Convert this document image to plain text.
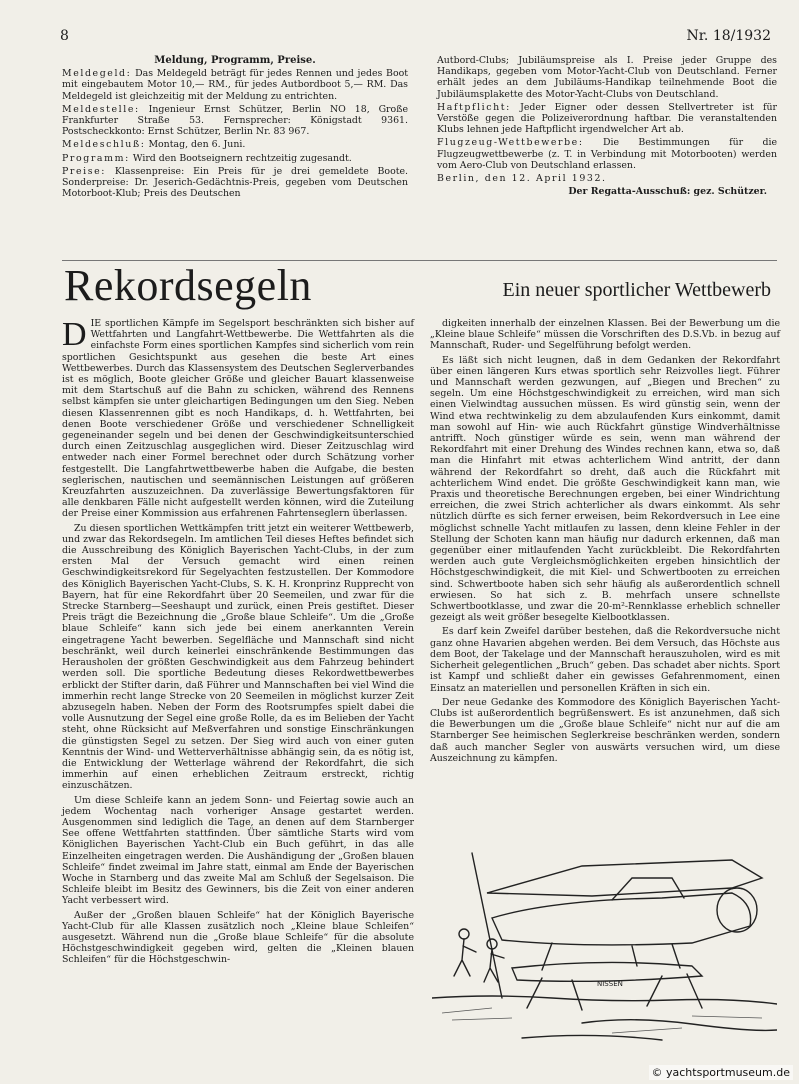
8	Nr. 18/1932
Meldung, Programm, Preise.

Meldegeld: Das Meldegeld beträgt für jedes Rennen und jedes Boot mit eingebautem Motor 10,— RM., für jedes Autbordboot 5,— RM. Das Meldegeld ist gleichzeitig mit der Meldung zu entrichten.

Meldestelle: Ingenieur Ernst Schützer, Berlin NO 18, Große Frankfurter Straße 53. Fernsprecher: Königstadt 9361. Postscheckkonto: Ernst Schützer, Berlin Nr. 83 967.

Meldeschluß: Montag, den 6. Juni.

Programm: Wird den Bootseignern rechtzeitig zugesandt.

Preise: Klassenpreise: Ein Preis für je drei gemeldete Boote. Sonderpreise: Dr. Jeserich-Gedächtnis-Preis, gegeben vom Deutschen Motorboot-Klub; Preis des Deutschen

Autbord-Clubs; Jubiläumspreise als I. Preise jeder Gruppe des Handikaps, gegeben vom Motor-Yacht-Club von Deutschland. Ferner erhält jedes an dem Jubiläums-Handikap teilnehmende Boot die Jubiläumsplakette des Motor-Yacht-Clubs von Deutschland.

Haftpflicht: Jeder Eigner oder dessen Stellvertreter ist für Verstöße gegen die Polizeiverordnung haftbar. Die veranstaltenden Klubs lehnen jede Haftpflicht irgendwelcher Art ab.

Flugzeug-Wettbewerbe: Die Bestimmungen für die Flugzeugwettbewerbe (z. T. in Verbindung mit Motorbooten) werden vom Aero-Club von Deutschland erlassen.

Berlin, den 12. April 1932.

Der Regatta-Ausschuß: gez. Schützer.
Rekordsegeln	Ein neuer sportlicher Wettbewerb

DIE sportlichen Kämpfe im Segelsport beschränkten sich bisher auf Wettfahrten und Langfahrt-Wettbewerbe. Die Wettfahrten als die einfachste Form eines sportlichen Kampfes sind sicherlich vom rein sportlichen Gesichtspunkt aus gesehen die beste Art eines Wettbewerbes. Durch das Klassensystem des Deutschen Seglerverbandes ist es möglich, Boote gleicher Größe und gleicher Bauart klassenweise mit dem Startschuß auf die Bahn zu schicken, während des Rennens selbst kämpfen sie unter gleichartigen Bedingungen um den Sieg. Neben diesen Klassenrennen gibt es noch Handikaps, d. h. Wettfahrten, bei denen Boote verschiedener Größe und verschiedener Schnelligkeit gegeneinander segeln und bei denen der Geschwindigkeitsunterschied durch einen Zeitzuschlag ausgeglichen wird. Dieser Zeitzuschlag wird entweder nach einer Formel berechnet oder durch Schätzung vorher festgestellt. Die Langfahrtwettbewerbe haben die Aufgabe, die besten seglerischen, nautischen und seemännischen Leistungen auf größeren Kreuzfahrten auszuzeichnen. Da zuverlässige Bewertungsfaktoren für alle denkbaren Fälle nicht aufgestellt werden können, wird die Zuteilung der Preise einer Kommission aus erfahrenen Fahrtenseglern überlassen.

Zu diesen sportlichen Wettkämpfen tritt jetzt ein weiterer Wettbewerb, und zwar das Rekordsegeln. Im amtlichen Teil dieses Heftes befindet sich die Ausschreibung des Königlich Bayerischen Yacht-Clubs, in der zum ersten Mal der Versuch gemacht wird einen reinen Geschwindigkeitsrekord für Segelyachten festzustellen. Der Kommodore des Königlich Bayerischen Yacht-Clubs, S. K. H. Kronprinz Rupprecht von Bayern, hat für eine Rekordfahrt über 20 Seemeilen, und zwar für die Strecke Starnberg—Seeshaupt und zurück, einen Preis gestiftet. Dieser Preis trägt die Bezeichnung die „Große blaue Schleife“. Um die „Große blaue Schleife“ kann sich jede bei einem anerkannten Verein eingetragene Yacht bewerben. Segelfläche und Mannschaft sind nicht beschränkt, weil durch keinerlei einschränkende Bestimmungen das Herausholen der größten Geschwindigkeit aus dem Fahrzeug behindert werden soll. Die sportliche Bedeutung dieses Rekordwettbewerbes erblickt der Stifter darin, daß Führer und Mannschaften bei viel Wind die immerhin recht lange Strecke von 20 Seemeilen in möglichst kurzer Zeit abzusegeln haben. Neben der Form des Rootsrumpfes spielt dabei die volle Ausnutzung der Segel eine große Rolle, da es im Belieben der Yacht steht, ohne Rücksicht auf Meßverfahren und sonstige Einschränkungen die günstigsten Segel zu setzen. Der Sieg wird auch von einer guten Kenntnis der Wind- und Wetterverhältnisse abhängig sein, da es nötig ist, die Entwicklung der Wetterlage während der Rekordfahrt, die sich immerhin auf einen erheblichen Zeitraum erstreckt, richtig einzuschätzen.

Um diese Schleife kann an jedem Sonn- und Feiertag sowie auch an jedem Wochentag nach vorheriger Ansage gestartet werden. Ausgenommen sind lediglich die Tage, an denen auf dem Starnberger See offene Wettfahrten stattfinden. Über sämtliche Starts wird vom Königlichen Bayerischen Yacht-Club ein Buch geführt, in das alle Einzelheiten eingetragen werden. Die Aushändigung der „Großen blauen Schleife“ findet zweimal im Jahre statt, einmal am Ende der Bayerischen Woche in Starnberg und das zweite Mal am Schluß der Segelsaison. Die Schleife bleibt im Besitz des Gewinners, bis die Zeit von einer anderen Yacht verbessert wird.

Außer der „Großen blauen Schleife“ hat der Königlich Bayerische Yacht-Club für alle Klassen zusätzlich noch „Kleine blaue Schleifen“ ausgesetzt. Während nun die „Große blaue Schleife“ für die absolute Höchstgeschwindigkeit gegeben wird, gelten die „Kleinen blauen Schleifen“ für die Höchstgeschwin-

digkeiten innerhalb der einzelnen Klassen. Bei der Bewerbung um die „Kleine blaue Schleife“ müssen die Vorschriften des D.S.Vb. in bezug auf Mannschaft, Ruder- und Segelführung befolgt werden.

Es läßt sich nicht leugnen, daß in dem Gedanken der Rekordfahrt über einen längeren Kurs etwas sportlich sehr Reizvolles liegt. Führer und Mannschaft werden gezwungen, auf „Biegen und Brechen“ zu segeln. Um eine Höchstgeschwindigkeit zu erreichen, wird man sich einen Vielwindtag aussuchen müssen. Es wird günstig sein, wenn der Wind etwa rechtwinkelig zu dem abzulaufenden Kurs einkommt, damit man sowohl auf Hin- wie auch Rückfahrt günstige Windverhältnisse antrifft. Noch günstiger würde es sein, wenn man während der Rekordfahrt mit einer Drehung des Windes rechnen kann, etwa so, daß man die Hinfahrt mit etwas achterlichem Wind antritt, der dann während der Rekordfahrt so dreht, daß auch die Rückfahrt mit achterlichem Wind endet. Die größte Geschwindigkeit kann man, wie Praxis und theoretische Berechnungen ergeben, bei einer Windrichtung erreichen, die zwei Strich achterlicher als dwars einkommt. Als sehr nützlich dürfte es sich ferner erweisen, beim Rekordversuch in Lee eine möglichst schnelle Yacht mitlaufen zu lassen, denn kleine Fehler in der Stellung der Schoten kann man häufig nur dadurch erkennen, daß man gegenüber einer mitlaufenden Yacht zurückbleibt. Die Rekordfahrten werden auch gute Vergleichsmöglichkeiten ergeben hinsichtlich der Höchstgeschwindigkeit, die mit Kiel- und Schwertbooten zu erreichen sind. Schwertboote haben sich sehr häufig als außerordentlich schnell erwiesen. So hat sich z. B. mehrfach unsere schnellste Schwertbootklasse, und zwar die 20-m²-Rennklasse erheblich schneller gezeigt als weit größer besegelte Kielbootklassen.

Es darf kein Zweifel darüber bestehen, daß die Rekordversuche nicht ganz ohne Havarien abgehen werden. Bei dem Versuch, das Höchste aus dem Boot, der Takelage und der Mannschaft herauszuholen, wird es mit Sicherheit gelegentlichen „Bruch“ geben. Das schadet aber nichts. Sport ist Kampf und schließt daher ein gewisses Gefahrenmoment, einen Einsatz an materiellen und personellen Kräften in sich ein.

Der neue Gedanke des Kommodore des Königlich Bayerischen Yacht-Clubs ist außerordentlich begrüßenswert. Es ist anzunehmen, daß sich die Bewerbungen um die „Große blaue Schleife“ nicht nur auf die am Starnberger See heimischen Seglerkreise beschränken werden, sondern daß auch mancher Segler von auswärts versuchen wird, um diese Auszeichnung zu kämpfen.

NISSEN
© yachtsportmuseum.de
